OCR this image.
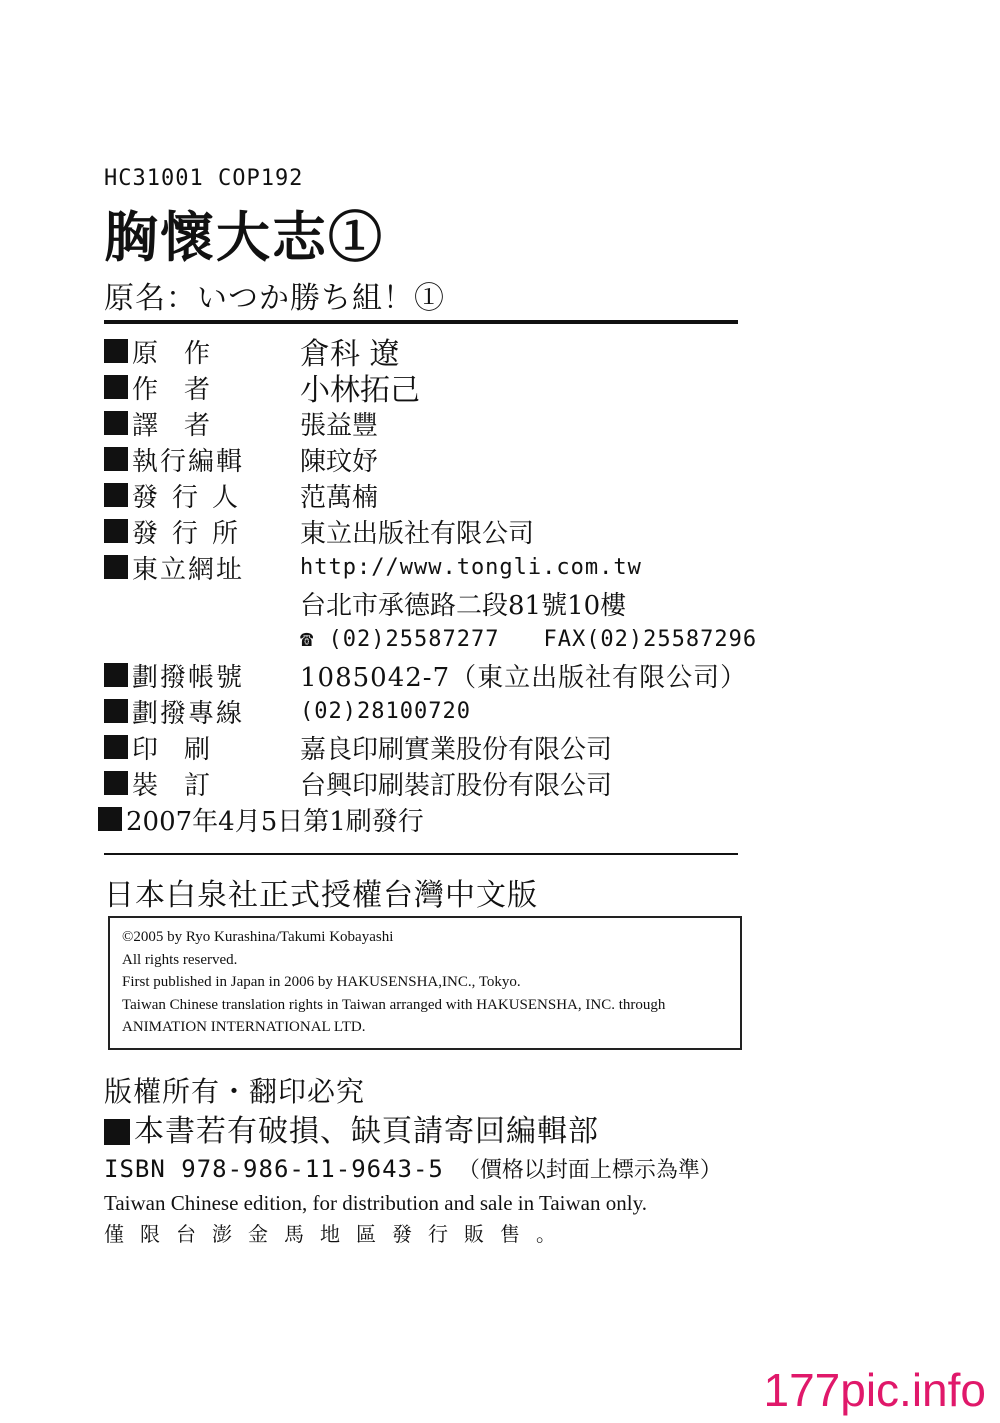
HC31001 COP192
胸懷大志①
原名：いつか勝ち組！①
原　作	倉科 遼
作　者	小林拓己
譯　者	張益豐
執行編輯	陳玟妤
發行人	范萬楠
發行所	東立出版社有限公司
東立網址	http://www.tongli.com.tw
台北市承德路二段81號10樓
☎ (02)25587277 FAX(02)25587296
劃撥帳號	1085042-7（東立出版社有限公司）
劃撥專線	(02)28100720
印　刷	嘉良印刷實業股份有限公司
裝　訂	台興印刷裝訂股份有限公司
2007年4月5日第1刷發行
日本白泉社正式授權台灣中文版
©2005 by Ryo Kurashina/Takumi Kobayashi
All rights reserved.
First published in Japan in 2006 by HAKUSENSHA,INC., Tokyo.
Taiwan Chinese translation rights in Taiwan arranged with HAKUSENSHA, INC. through
ANIMATION INTERNATIONAL LTD.
版權所有・翻印必究
本書若有破損、缺頁請寄回編輯部
ISBN 978-986-11-9643-5 （價格以封面上標示為準）
Taiwan Chinese edition, for distribution and sale in Taiwan only.
僅限台澎金馬地區發行販售。
177pic.info
